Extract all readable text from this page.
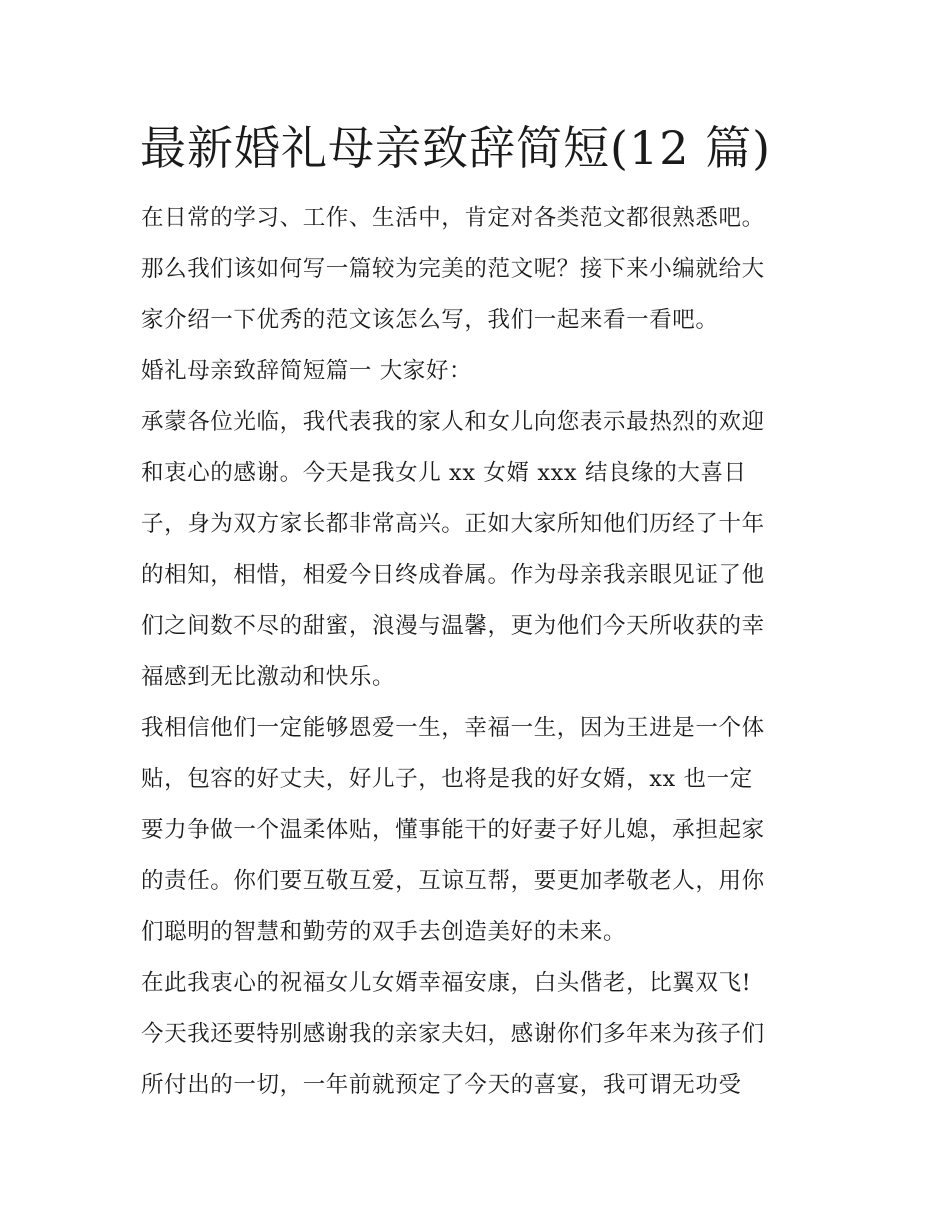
最新婚礼母亲致辞简短(12 篇)

在日常的学习、工作、生活中，肯定对各类范文都很熟悉吧。

那么我们该如何写一篇较为完美的范文呢？接下来小编就给大

家介绍一下优秀的范文该怎么写，我们一起来看一看吧。

婚礼母亲致辞简短篇一 大家好：

承蒙各位光临，我代表我的家人和女儿向您表示最热烈的欢迎

和衷心的感谢。今天是我女儿 xx 女婿 xxx 结良缘的大喜日

子，身为双方家长都非常高兴。正如大家所知他们历经了十年

的相知，相惜，相爱今日终成眷属。作为母亲我亲眼见证了他

们之间数不尽的甜蜜，浪漫与温馨，更为他们今天所收获的幸

福感到无比激动和快乐。

我相信他们一定能够恩爱一生，幸福一生，因为王进是一个体

贴，包容的好丈夫，好儿子，也将是我的好女婿，xx 也一定

要力争做一个温柔体贴，懂事能干的好妻子好儿媳，承担起家

的责任。你们要互敬互爱，互谅互帮，要更加孝敬老人，用你

们聪明的智慧和勤劳的双手去创造美好的未来。

在此我衷心的祝福女儿女婿幸福安康，白头偕老，比翼双飞!

今天我还要特别感谢我的亲家夫妇，感谢你们多年来为孩子们

所付出的一切，一年前就预定了今天的喜宴，我可谓无功受
